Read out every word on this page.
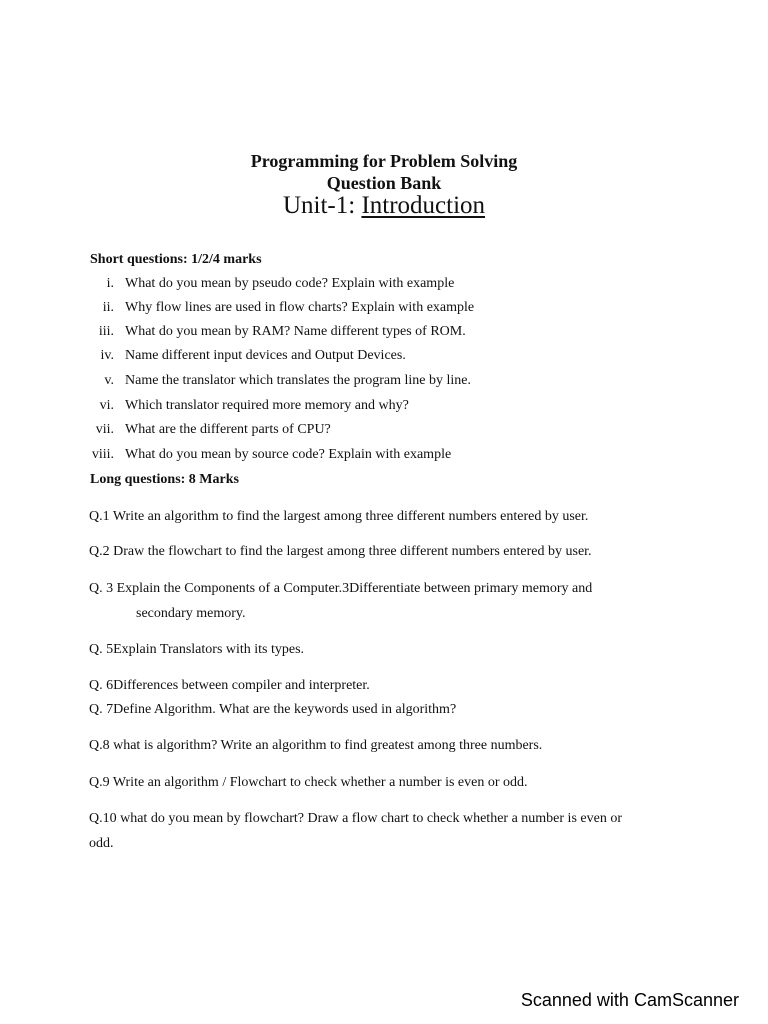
Programming for Problem Solving
Question Bank
Unit-1: Introduction
Short questions: 1/2/4 marks
i. What do you mean by pseudo code? Explain with example
ii. Why flow lines are used in flow charts? Explain with example
iii. What do you mean by RAM? Name different types of ROM.
iv. Name different input devices and Output Devices.
v. Name the translator which translates the program line by line.
vi. Which translator required more memory and why?
vii. What are the different parts of CPU?
viii. What do you mean by source code? Explain with example
Long questions: 8 Marks
Q.1 Write an algorithm to find the largest among three different numbers entered by user.
Q.2 Draw the flowchart to find the largest among three different numbers entered by user.
Q. 3 Explain the Components of a Computer.3Differentiate between primary memory and
secondary memory.
Q. 5Explain Translators with its types.
Q. 6Differences between compiler and interpreter.
Q. 7Define Algorithm. What are the keywords used in algorithm?
Q.8 what is algorithm? Write an algorithm to find greatest among three numbers.
Q.9 Write an algorithm / Flowchart to check whether a number is even or odd.
Q.10 what do you mean by flowchart? Draw a flow chart to check whether a number is even or
odd.
Scanned with CamScanner
